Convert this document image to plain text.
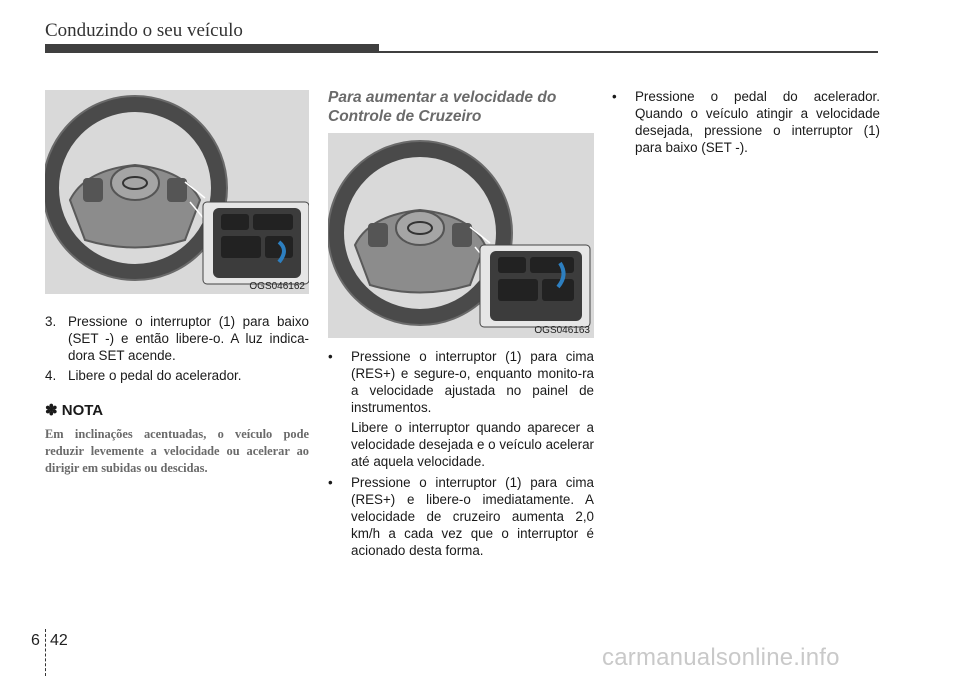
Conduzindo o seu veículo
OGS046162
OGS046163
3. Pressione o interruptor (1) para baixo (SET -) e então libere-o. A luz indica-dora SET acende.
4. Libere o pedal do acelerador.
✽ NOTA
Em inclinações acentuadas, o veículo pode reduzir levemente a velocidade ou acelerar ao dirigir em subidas ou descidas.
Para aumentar a velocidade do Controle de Cruzeiro
• Pressione o interruptor (1) para cima (RES+) e segure-o, enquanto monito-ra a velocidade ajustada no painel de instrumentos.
Libere o interruptor quando aparecer a velocidade desejada e o veículo acelerar até aquela velocidade.
• Pressione o interruptor (1) para cima (RES+) e libere-o imediatamente. A velocidade de cruzeiro aumenta 2,0 km/h a cada vez que o interruptor é acionado desta forma.
• Pressione o pedal do acelerador. Quando o veículo atingir a velocidade desejada, pressione o interruptor (1) para baixo (SET -).
6 42
carmanualsonline.info
